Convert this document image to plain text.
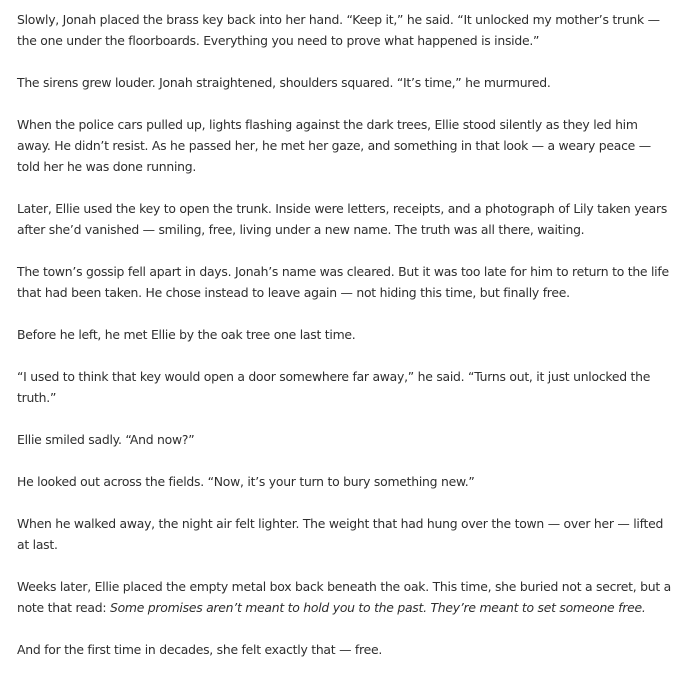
Slowly, Jonah placed the brass key back into her hand. “Keep it,” he said. “It unlocked my mother’s trunk — the one under the floorboards. Everything you need to prove what happened is inside.”

The sirens grew louder. Jonah straightened, shoulders squared. “It’s time,” he murmured.

When the police cars pulled up, lights flashing against the dark trees, Ellie stood silently as they led him away. He didn’t resist. As he passed her, he met her gaze, and something in that look — a weary peace — told her he was done running.

Later, Ellie used the key to open the trunk. Inside were letters, receipts, and a photograph of Lily taken years after she’d vanished — smiling, free, living under a new name. The truth was all there, waiting.

The town’s gossip fell apart in days. Jonah’s name was cleared. But it was too late for him to return to the life that had been taken. He chose instead to leave again — not hiding this time, but finally free.

Before he left, he met Ellie by the oak tree one last time.

“I used to think that key would open a door somewhere far away,” he said. “Turns out, it just unlocked the truth.”

Ellie smiled sadly. “And now?”

He looked out across the fields. “Now, it’s your turn to bury something new.”

When he walked away, the night air felt lighter. The weight that had hung over the town — over her — lifted at last.

Weeks later, Ellie placed the empty metal box back beneath the oak. This time, she buried not a secret, but a note that read: Some promises aren’t meant to hold you to the past. They’re meant to set someone free.

And for the first time in decades, she felt exactly that — free.
